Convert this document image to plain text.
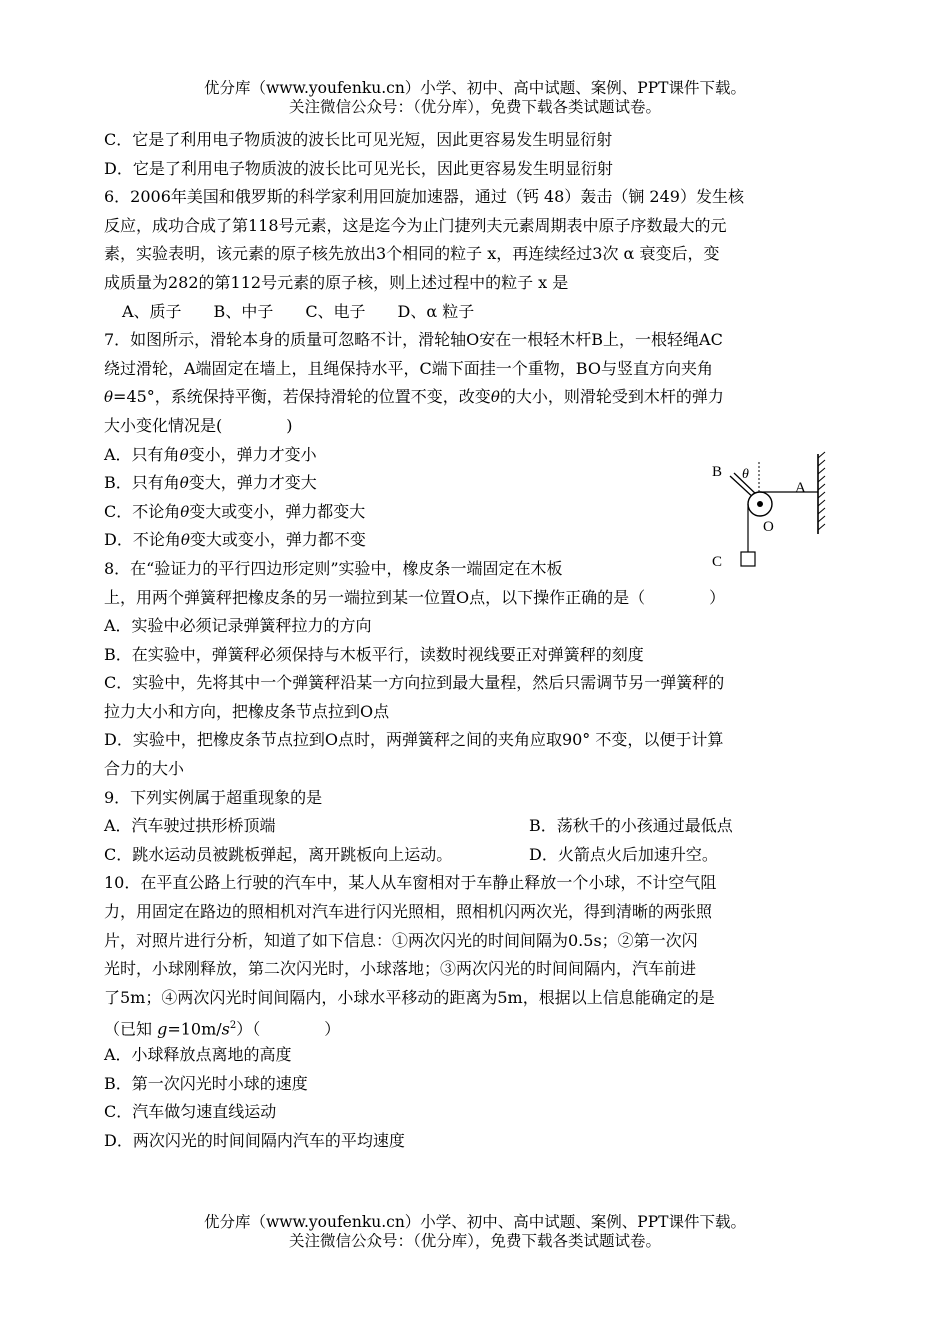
优分库（www.youfenku.cn）小学、初中、高中试题、案例、PPT课件下载。
关注微信公众号：（优分库），免费下载各类试题试卷。
C．它是了利用电子物质波的波长比可见光短，因此更容易发生明显衍射
D．它是了利用电子物质波的波长比可见光长，因此更容易发生明显衍射
6．2006年美国和俄罗斯的科学家利用回旋加速器，通过（钙 48）轰击（锎 249）发生核
反应，成功合成了第118号元素，这是迄今为止门捷列夫元素周期表中原子序数最大的元
素，实验表明，该元素的原子核先放出3个相同的粒子 x，再连续经过3次 α 衰变后，变
成质量为282的第112号元素的原子核，则上述过程中的粒子 x 是
A、质子　　B、中子　　C、电子　　D、α 粒子
7．如图所示，滑轮本身的质量可忽略不计，滑轮轴O安在一根轻木杆B上，一根轻绳AC
绕过滑轮，A端固定在墙上，且绳保持水平，C端下面挂一个重物，BO与竖直方向夹角
θ=45°，系统保持平衡，若保持滑轮的位置不变，改变θ的大小，则滑轮受到木杆的弹力
大小变化情况是(　　　　)
A．只有角θ变小，弹力才变小
B．只有角θ变大，弹力才变大
C．不论角θ变大或变小，弹力都变大
D．不论角θ变大或变小，弹力都不变
8．在“验证力的平行四边形定则”实验中，橡皮条一端固定在木板
上，用两个弹簧秤把橡皮条的另一端拉到某一位置O点，以下操作正确的是（　　　　）
A．实验中必须记录弹簧秤拉力的方向
B．在实验中，弹簧秤必须保持与木板平行，读数时视线要正对弹簧秤的刻度
C．实验中，先将其中一个弹簧秤沿某一方向拉到最大量程，然后只需调节另一弹簧秤的
拉力大小和方向，把橡皮条节点拉到O点
D．实验中，把橡皮条节点拉到O点时，两弹簧秤之间的夹角应取90° 不变，以便于计算
合力的大小
9．下列实例属于超重现象的是
A．汽车驶过拱形桥顶端	B．荡秋千的小孩通过最低点
C．跳水运动员被跳板弹起，离开跳板向上运动。	D．火箭点火后加速升空。
10．在平直公路上行驶的汽车中，某人从车窗相对于车静止释放一个小球，不计空气阻
力，用固定在路边的照相机对汽车进行闪光照相，照相机闪两次光，得到清晰的两张照
片，对照片进行分析，知道了如下信息：①两次闪光的时间间隔为0.5s；②第一次闪
光时，小球刚释放，第二次闪光时，小球落地；③两次闪光的时间间隔内，汽车前进
了5m；④两次闪光时间间隔内，小球水平移动的距离为5m，根据以上信息能确定的是
（已知 $g=10m/s^2$）（　　　　）
A．小球释放点离地的高度
B．第一次闪光时小球的速度
C．汽车做匀速直线运动
D．两次闪光的时间间隔内汽车的平均速度
B θ
A
O
C
优分库（www.youfenku.cn）小学、初中、高中试题、案例、PPT课件下载。
关注微信公众号：（优分库），免费下载各类试题试卷。
